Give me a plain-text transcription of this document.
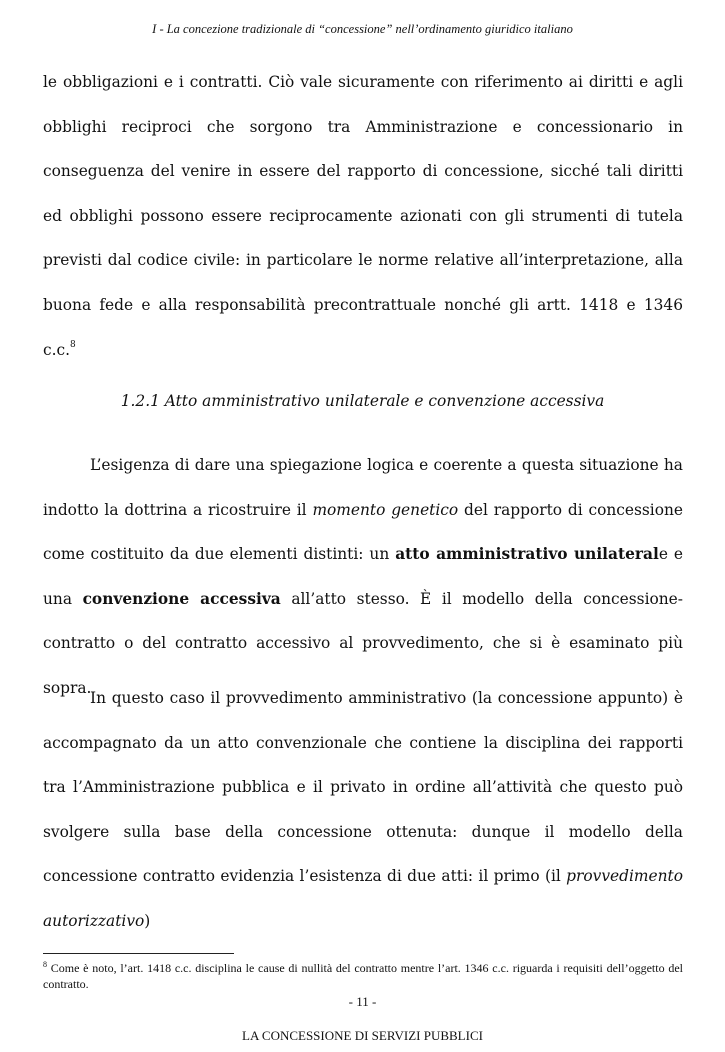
I - La concezione tradizionale di “concessione” nell’ordinamento giuridico italiano

le obbligazioni e i contratti. Ciò vale sicuramente con riferimento ai diritti e agli obblighi reciproci che sorgono tra Amministrazione e concessionario in conseguenza del venire in essere del rapporto di concessione, sicché tali diritti ed obblighi possono essere reciprocamente azionati con gli strumenti di tutela previsti dal codice civile: in particolare le norme relative all’interpretazione, alla buona fede e alla responsabilità precontrattuale nonché gli artt. 1418 e 1346 c.c.$^8$

1.2.1 Atto amministrativo unilaterale e convenzione accessiva

L’esigenza di dare una spiegazione logica e coerente a questa situazione ha indotto la dottrina a ricostruire il momento genetico del rapporto di concessione come costituito da due elementi distinti: un atto amministrativo unilaterale e una convenzione accessiva all’atto stesso. È il modello della concessione-contratto o del contratto accessivo al provvedimento, che si è esaminato più sopra.

In questo caso il provvedimento amministrativo (la concessione appunto) è accompagnato da un atto convenzionale che contiene la disciplina dei rapporti tra l’Amministrazione pubblica e il privato in ordine all’attività che questo può svolgere sulla base della concessione ottenuta: dunque il modello della concessione contratto evidenzia l’esistenza di due atti: il primo (il provvedimento autorizzativo)

$^8$ Come è noto, l’art. 1418 c.c. disciplina le cause di nullità del contratto mentre l’art. 1346 c.c. riguarda i requisiti dell’oggetto del contratto.

- 11 -
LA CONCESSIONE DI SERVIZI PUBBLICI
